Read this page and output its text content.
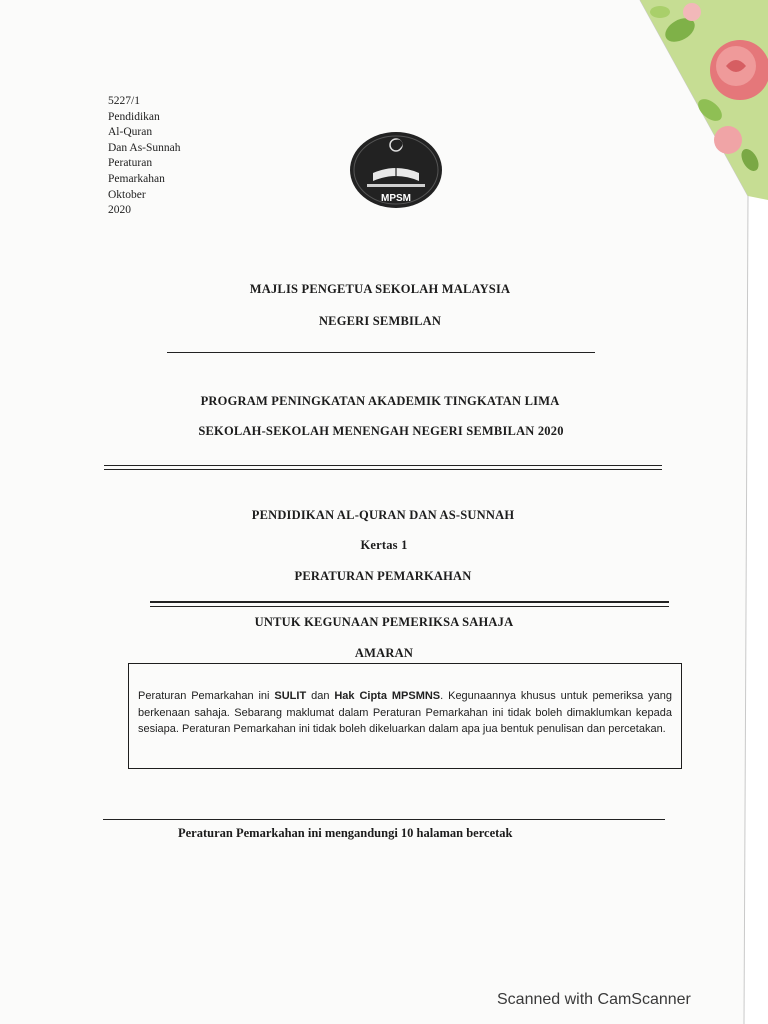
5227/1
Pendidikan
Al-Quran
Dan As-Sunnah
Peraturan
Pemarkahan
Oktober
2020
MPSM
MAJLIS PENGETUA SEKOLAH MALAYSIA
NEGERI SEMBILAN
PROGRAM PENINGKATAN AKADEMIK TINGKATAN LIMA
SEKOLAH-SEKOLAH MENENGAH NEGERI SEMBILAN 2020
PENDIDIKAN AL-QURAN DAN AS-SUNNAH
Kertas 1
PERATURAN PEMARKAHAN
UNTUK KEGUNAAN PEMERIKSA SAHAJA
AMARAN
Peraturan Pemarkahan ini SULIT dan Hak Cipta MPSMNS. Kegunaannya khusus untuk pemeriksa yang berkenaan sahaja. Sebarang maklumat dalam Peraturan Pemarkahan ini tidak boleh dimaklumkan kepada sesiapa. Peraturan Pemarkahan ini tidak boleh dikeluarkan dalam apa jua bentuk penulisan dan percetakan.
Peraturan Pemarkahan ini mengandungi 10 halaman bercetak
Scanned with CamScanner
